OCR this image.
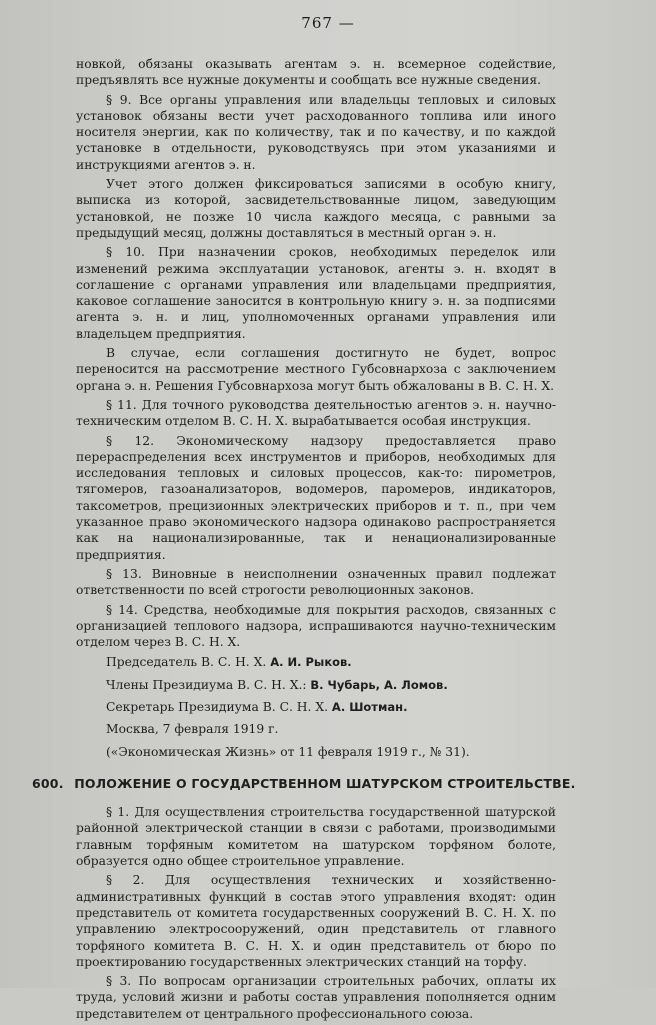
767 —

новкой, обязаны оказывать агентам э. н. всемерное содействие, предъявлять все нужные документы и сообщать все нужные сведения.

§ 9. Все органы управления или владельцы тепловых и силовых установок обязаны вести учет расходованного топлива или иного носителя энергии, как по количеству, так и по качеству, и по каждой установке в отдельности, руководствуясь при этом указаниями и инструкциями агентов э. н.

Учет этого должен фиксироваться записями в особую книгу, выписка из которой, засвидетельствованные лицом, заведующим установкой, не позже 10 числа каждого месяца, с равными за предыдущий месяц, должны доставляться в местный орган э. н.

§ 10. При назначении сроков, необходимых переделок или изменений режима эксплуатации установок, агенты э. н. входят в соглашение с органами управления или владельцами предприятия, каковое соглашение заносится в контрольную книгу э. н. за подписями агента э. н. и лиц, уполномоченных органами управления или владельцем предприятия.

В случае, если соглашения достигнуто не будет, вопрос переносится на рассмотрение местного Губсовнархоза с заключением органа э. н. Решения Губсовнархоза могут быть обжалованы в В. С. Н. Х.

§ 11. Для точного руководства деятельностью агентов э. н. научно-техническим отделом В. С. Н. Х. вырабатывается особая инструкция.

§ 12. Экономическому надзору предоставляется право перераспределения всех инструментов и приборов, необходимых для исследования тепловых и силовых процессов, как-то: пирометров, тягомеров, газоанализаторов, водомеров, паромеров, индикаторов, таксометров, прецизионных электрических приборов и т. п., при чем указанное право экономического надзора одинаково распространяется как на национализированные, так и ненационализированные предприятия.

§ 13. Виновные в неисполнении означенных правил подлежат ответственности по всей строгости революционных законов.

§ 14. Средства, необходимые для покрытия расходов, связанных с организацией теплового надзора, испрашиваются научно-техническим отделом через В. С. Н. Х.

Председатель В. С. Н. Х. А. И. Рыков.

Члены Президиума В. С. Н. Х.: В. Чубарь, А. Ломов.

Секретарь Президиума В. С. Н. Х. А. Шотман.

Москва, 7 февраля 1919 г.

(«Экономическая Жизнь» от 11 февраля 1919 г., № 31).

600. ПОЛОЖЕНИЕ О ГОСУДАРСТВЕННОМ ШАТУРСКОМ СТРОИТЕЛЬСТВЕ.

§ 1. Для осуществления строительства государственной шатурской районной электрической станции в связи с работами, производимыми главным торфяным комитетом на шатурском торфяном болоте, образуется одно общее строительное управление.

§ 2. Для осуществления технических и хозяйственно-административных функций в состав этого управления входят: один представитель от комитета государственных сооружений В. С. Н. Х. по управлению электросооружений, один представитель от главного торфяного комитета В. С. Н. Х. и один представитель от бюро по проектированию государственных электрических станций на торфу.

§ 3. По вопросам организации строительных рабочих, оплаты их труда, условий жизни и работы состав управления пополняется одним представителем от центрального профессионального союза.
